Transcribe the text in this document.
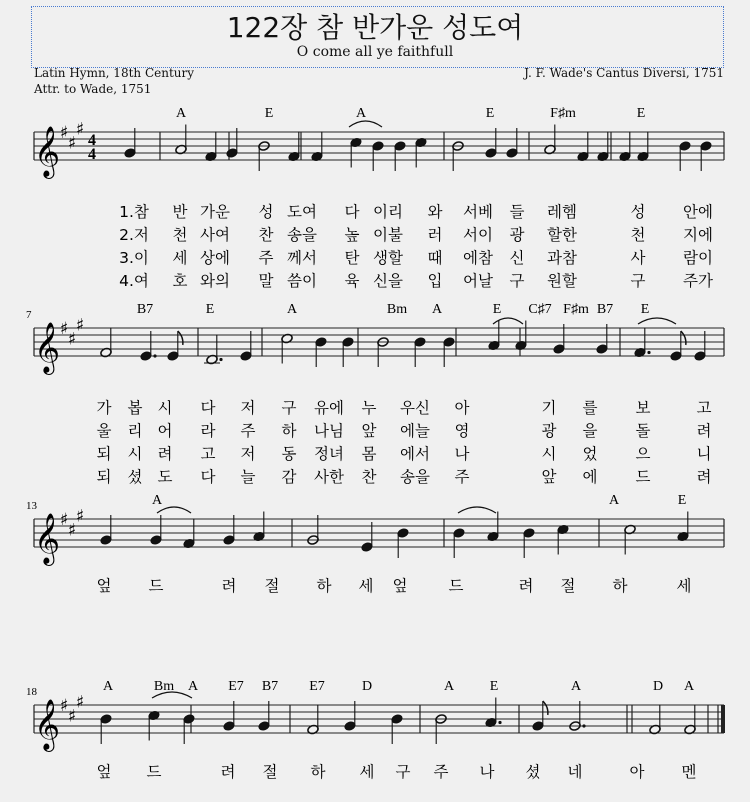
122장 참 반가운 성도여
O come all ye faithfull
Latin Hymn, 18th Century
Attr. to Wade, 1751
J. F. Wade's Cantus Diversi, 1751
𝄞 ♯
♯
♯
4
4
A	E	A	E	F♯m	E
1.참 반 가운 성 도여 다 이리 와 서베 들 레헴	성 안에
2.저 천 사여 찬 송을 높 이불 러 서이 광 할한	천 지에
3.이 세 상에 주 께서 탄 생할 때 에참 신 과참	사 람이
4.여 호 와의 말 씀이 육 신을 입 어날 구 원할	구 주가
𝄞 ♯
♯
♯
7	B7	E	A	Bm A	E C♯7 F♯m B7 E
가 봅 시 다 저 구 유에 누 우신 아	기 를 보	고
울 리 어 라 주 하 나님 앞 에늘 영	광 을 돌	려
되 시 려 고 저 동 정녀 몸 에서 나	시 었 으	니
되 셨 도 다 늘 감 사한 찬 송을 주	앞 에 드	려
𝄞 ♯
♯
♯
13	A	A	E
엎 드	려 절 하 세 엎	드	려 절 하	세
𝄞 ♯
♯
♯
18	A	Bm A E7 B7 E7	D	A	E	A	D A
엎 드	려 절 하 세 구 주 나 셨 네	아 멘
